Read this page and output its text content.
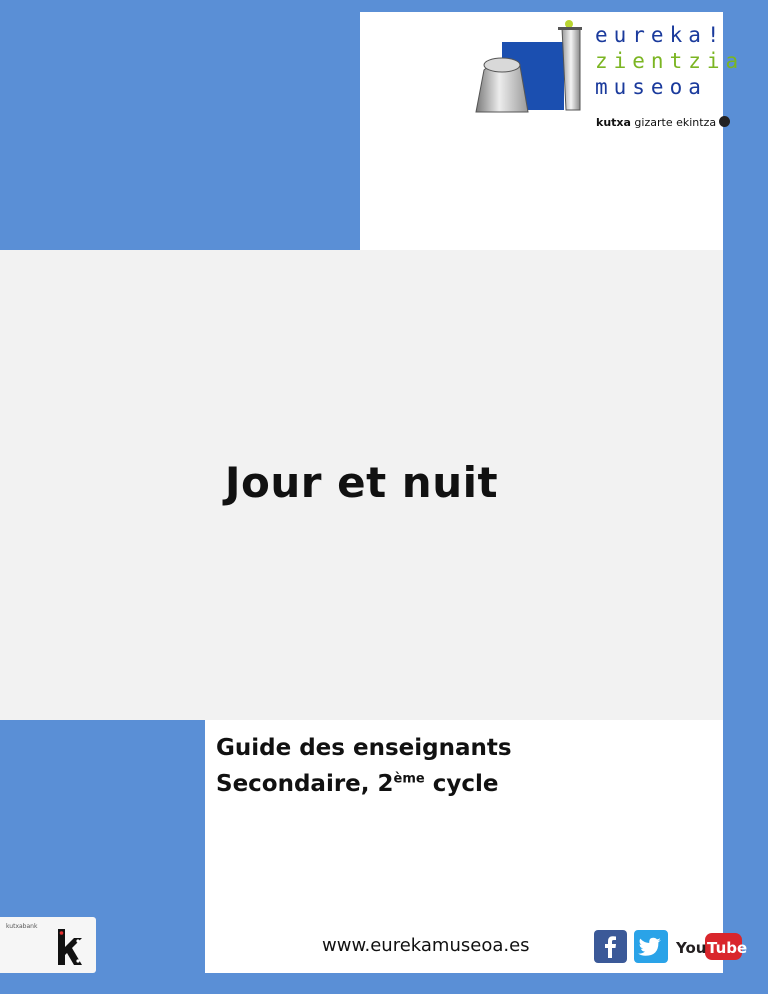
eureka!
zientzia
museoa
kutxa gizarte ekintza
Jour et nuit
Guide des enseignants
Secondaire, 2ème cycle
kutxabank
www.eurekamuseoa.es	You Tube
